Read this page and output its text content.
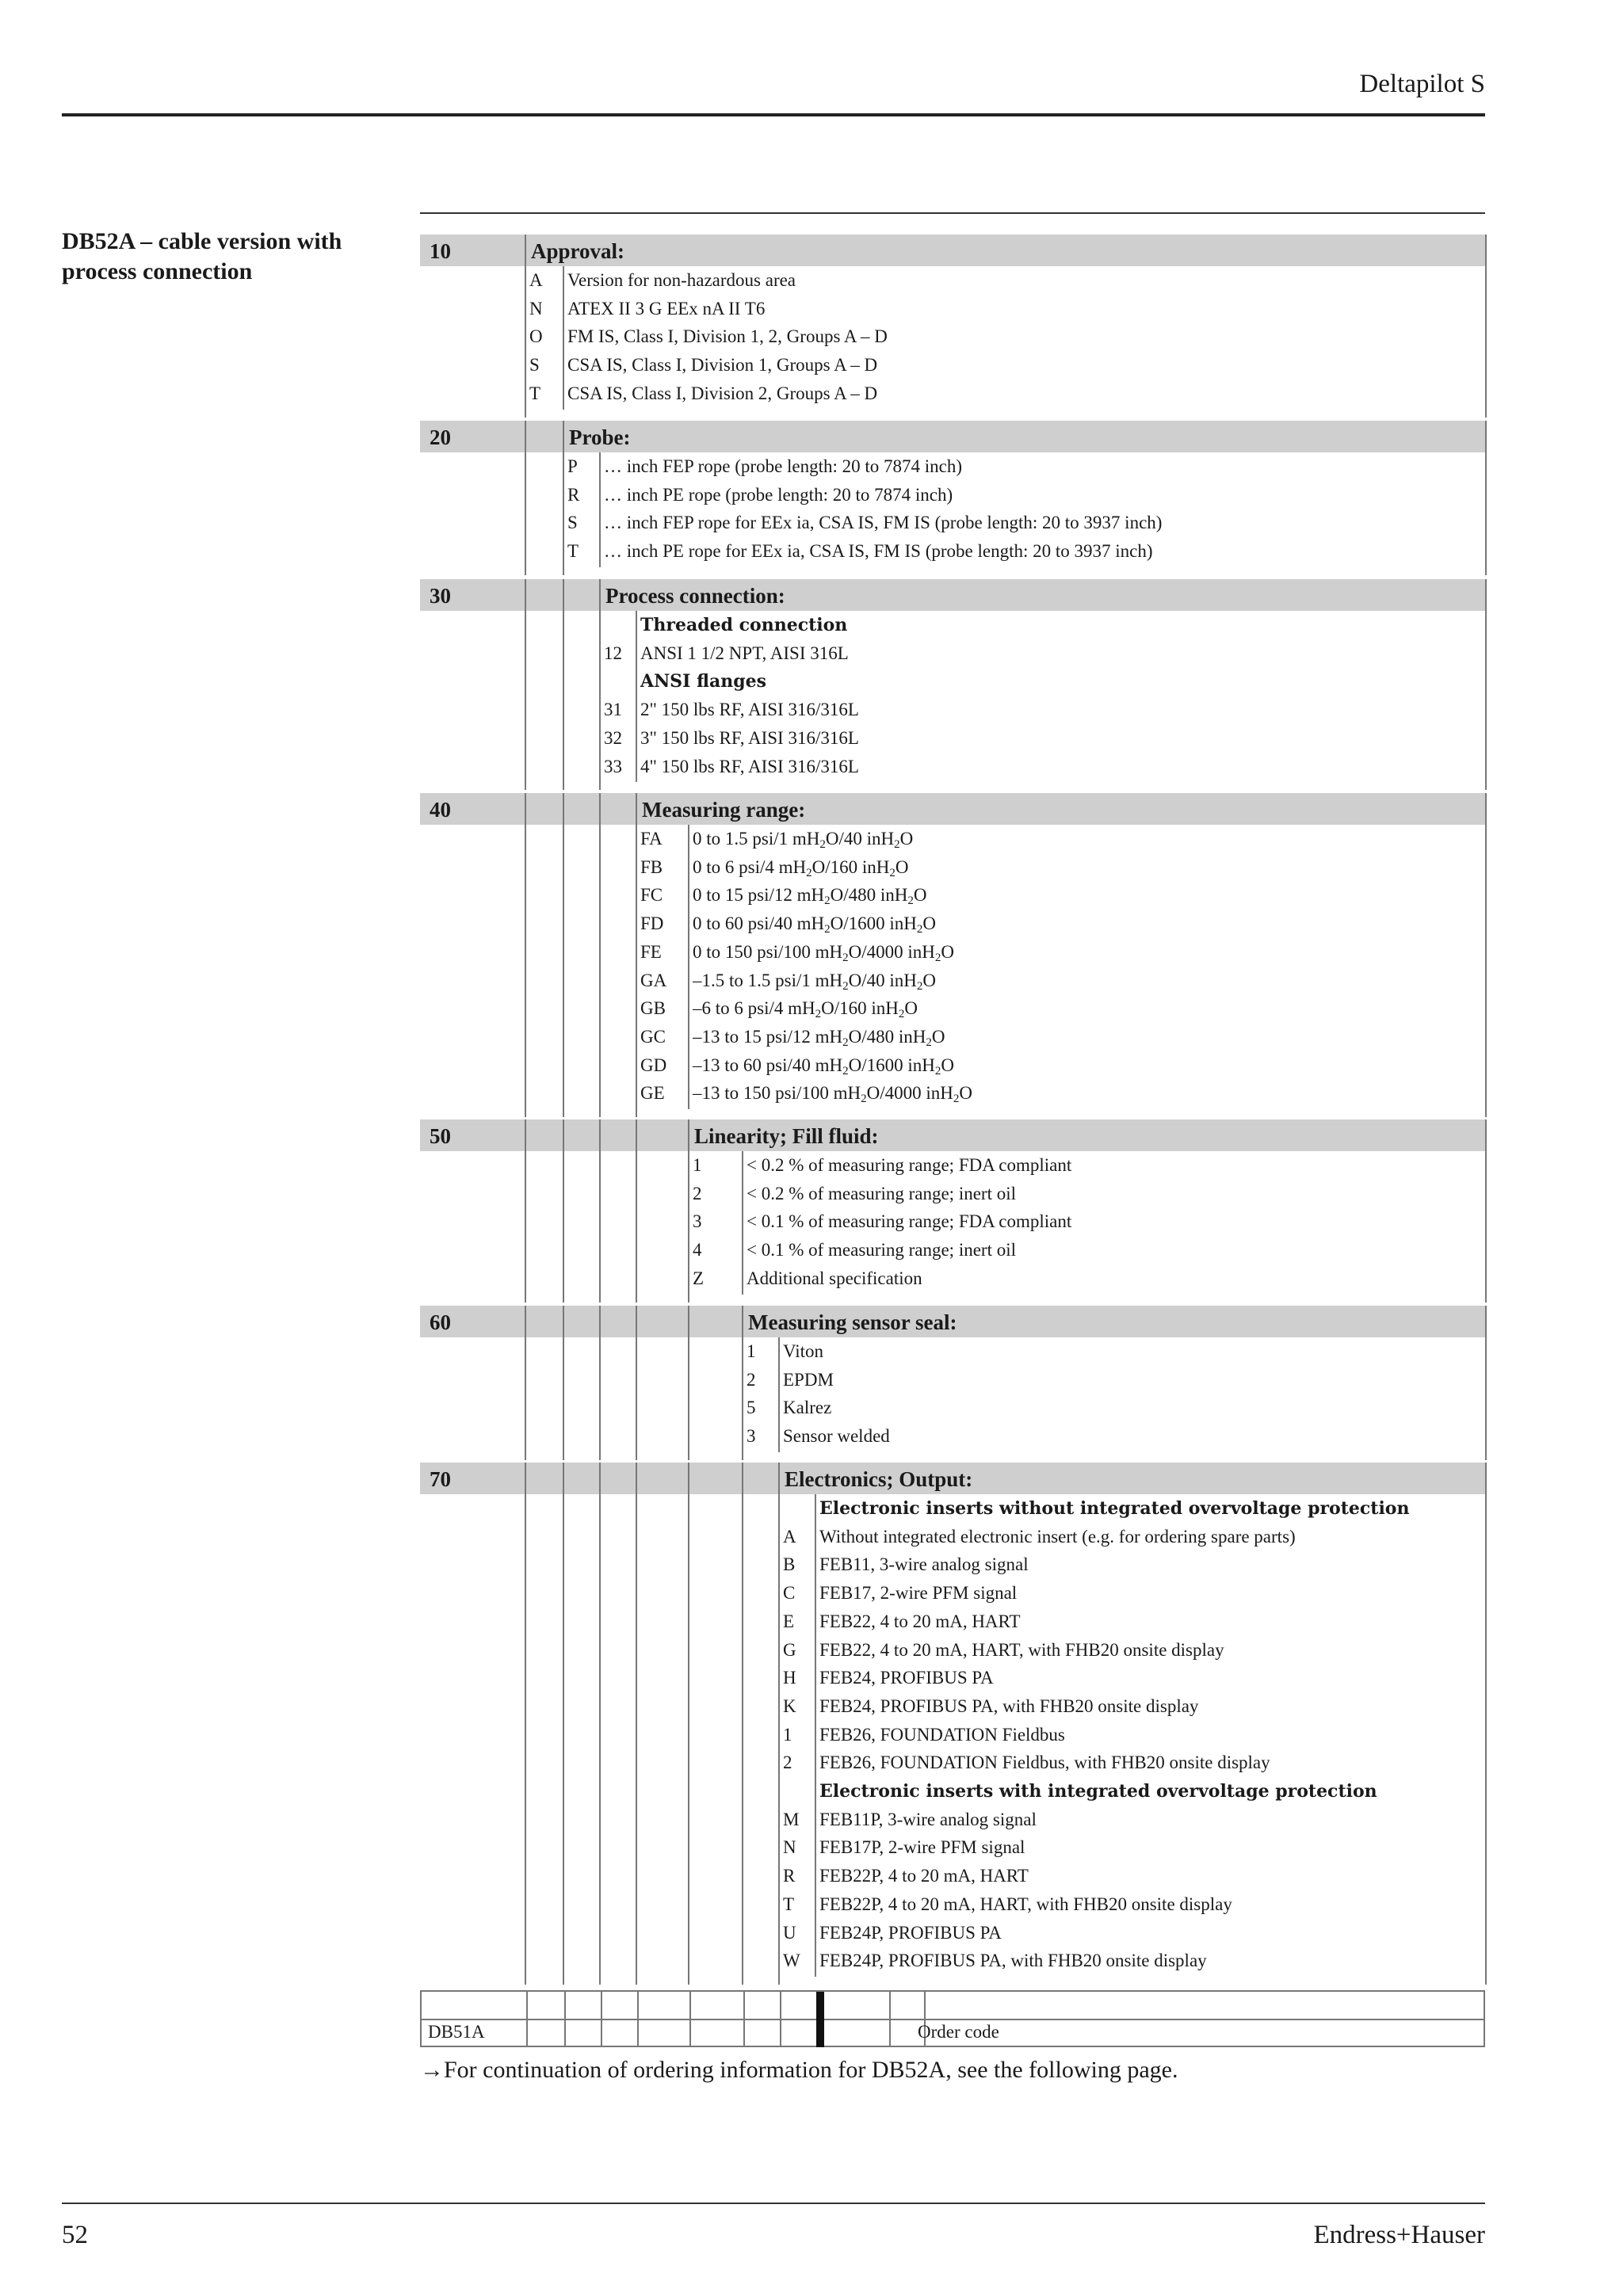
Deltapilot S
DB52A – cable version with process connection
10	Approval:
A Version for non-hazardous area
N ATEX II 3 G EEx nA II T6
O FM IS, Class I, Division 1, 2, Groups A – D
S CSA IS, Class I, Division 1, Groups A – D
T CSA IS, Class I, Division 2, Groups A – D
20	Probe:
P … inch FEP rope (probe length: 20 to 7874 inch)
R … inch PE rope (probe length: 20 to 7874 inch)
S … inch FEP rope for EEx ia, CSA IS, FM IS (probe length: 20 to 3937 inch)
T … inch PE rope for EEx ia, CSA IS, FM IS (probe length: 20 to 3937 inch)
30	Process connection:
Threaded connection
12 ANSI 1 1/2 NPT, AISI 316L
ANSI flanges
31 2" 150 lbs RF, AISI 316/316L
32 3" 150 lbs RF, AISI 316/316L
33 4" 150 lbs RF, AISI 316/316L
40	Measuring range:
FA 0 to 1.5 psi/1 $mH_2O/40$ inH$_2$O
FB 0 to 6 psi/4 $mH_2O/160$ inH$_2$O
FC 0 to 15 psi/12 $mH_2O/480$ inH$_2$O
FD 0 to 60 psi/40 $mH_2O/1600$ inH$_2$O
FE 0 to 150 psi/100 $mH_2O/4000$ inH$_2$O
GA –1.5 to 1.5 psi/1 $mH_2O/40$ inH$_2$O
GB –6 to 6 psi/4 $mH_2O/160$ inH$_2$O
GC –13 to 15 psi/12 $mH_2O/480$ inH$_2$O
GD –13 to 60 psi/40 $mH_2O/1600$ inH$_2$O
GE –13 to 150 psi/100 $mH_2O/4000$ inH$_2$O
50	Linearity; Fill fluid:
1 < 0.2 % of measuring range; FDA compliant
2 < 0.2 % of measuring range; inert oil
3 < 0.1 % of measuring range; FDA compliant
4 < 0.1 % of measuring range; inert oil
Z Additional specification
60	Measuring sensor seal:
1 Viton
2 EPDM
5 Kalrez
3 Sensor welded
70	Electronics; Output:
Electronic inserts without integrated overvoltage protection
A Without integrated electronic insert (e.g. for ordering spare parts)
B FEB11, 3-wire analog signal
C FEB17, 2-wire PFM signal
E FEB22, 4 to 20 mA, HART
G FEB22, 4 to 20 mA, HART, with FHB20 onsite display
H FEB24, PROFIBUS PA
K FEB24, PROFIBUS PA, with FHB20 onsite display
1 FEB26, FOUNDATION Fieldbus
2 FEB26, FOUNDATION Fieldbus, with FHB20 onsite display
Electronic inserts with integrated overvoltage protection
M FEB11P, 3-wire analog signal
N FEB17P, 2-wire PFM signal
R FEB22P, 4 to 20 mA, HART
T FEB22P, 4 to 20 mA, HART, with FHB20 onsite display
U FEB24P, PROFIBUS PA
W FEB24P, PROFIBUS PA, with FHB20 onsite display
DB51A	Order code
→For continuation of ordering information for DB52A, see the following page.
52	Endress+Hauser
